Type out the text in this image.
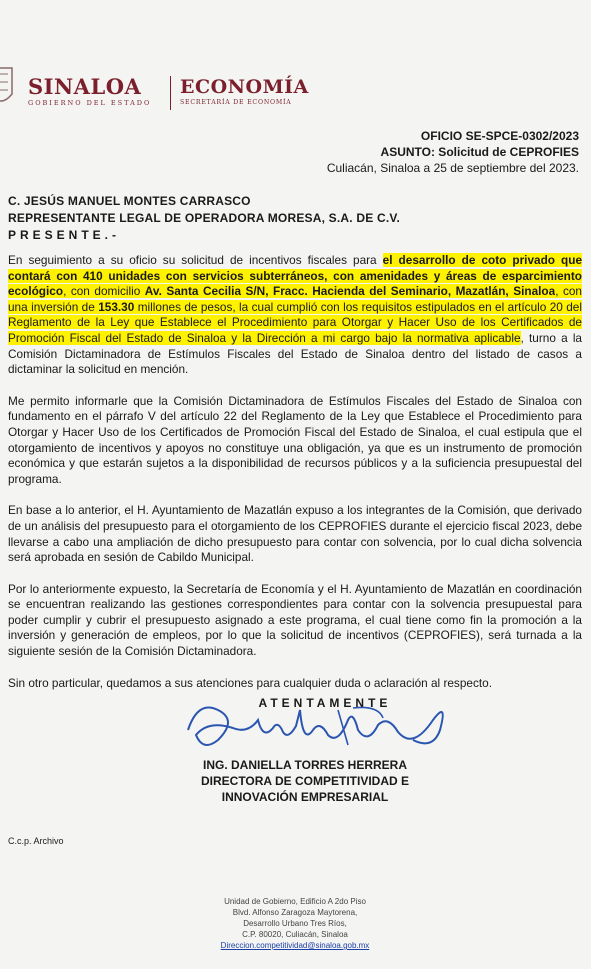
SINALOA
GOBIERNO DEL ESTADO
ECONOMÍA
SECRETARÍA DE ECONOMÍA
OFICIO SE-SPCE-0302/2023
ASUNTO: Solicitud de CEPROFIES
Culiacán, Sinaloa a 25 de septiembre del 2023.
C. JESÚS MANUEL MONTES CARRASCO
REPRESENTANTE LEGAL DE OPERADORA MORESA, S.A. DE C.V.
PRESENTE.-

En seguimiento a su oficio su solicitud de incentivos fiscales para el desarrollo de coto privado que contará con 410 unidades con servicios subterráneos, con amenidades y áreas de esparcimiento ecológico, con domicilio Av. Santa Cecilia S/N, Fracc. Hacienda del Seminario, Mazatlán, Sinaloa, con una inversión de 153.30 millones de pesos, la cual cumplió con los requisitos estipulados en el artículo 20 del Reglamento de la Ley que Establece el Procedimiento para Otorgar y Hacer Uso de los Certificados de Promoción Fiscal del Estado de Sinaloa y la Dirección a mi cargo bajo la normativa aplicable, turno a la Comisión Dictaminadora de Estímulos Fiscales del Estado de Sinaloa dentro del listado de casos a dictaminar la solicitud en mención.

Me permito informarle que la Comisión Dictaminadora de Estímulos Fiscales del Estado de Sinaloa con fundamento en el párrafo V del artículo 22 del Reglamento de la Ley que Establece el Procedimiento para Otorgar y Hacer Uso de los Certificados de Promoción Fiscal del Estado de Sinaloa, el cual estipula que el otorgamiento de incentivos y apoyos no constituye una obligación, ya que es un instrumento de promoción económica y que estarán sujetos a la disponibilidad de recursos públicos y a la suficiencia presupuestal del programa.

En base a lo anterior, el H. Ayuntamiento de Mazatlán expuso a los integrantes de la Comisión, que derivado de un análisis del presupuesto para el otorgamiento de los CEPROFIES durante el ejercicio fiscal 2023, debe llevarse a cabo una ampliación de dicho presupuesto para contar con solvencia, por lo cual dicha solvencia será aprobada en sesión de Cabildo Municipal.

Por lo anteriormente expuesto, la Secretaría de Economía y el H. Ayuntamiento de Mazatlán en coordinación se encuentran realizando las gestiones correspondientes para contar con la solvencia presupuestal para poder cumplir y cubrir el presupuesto asignado a este programa, el cual tiene como fin la promoción a la inversión y generación de empleos, por lo que la solicitud de incentivos (CEPROFIES), será turnada a la siguiente sesión de la Comisión Dictaminadora.

Sin otro particular, quedamos a sus atenciones para cualquier duda o aclaración al respecto.

ATENTAMENTE
ING. DANIELLA TORRES HERRERA
DIRECTORA DE COMPETITIVIDAD E
INNOVACIÓN EMPRESARIAL
C.c.p. Archivo
Unidad de Gobierno, Edificio A 2do Piso
Blvd. Alfonso Zaragoza Maytorena,
Desarrollo Urbano Tres Ríos,
C.P. 80020, Culiacán, Sinaloa
Direccion.competitividad@sinaloa.gob.mx
